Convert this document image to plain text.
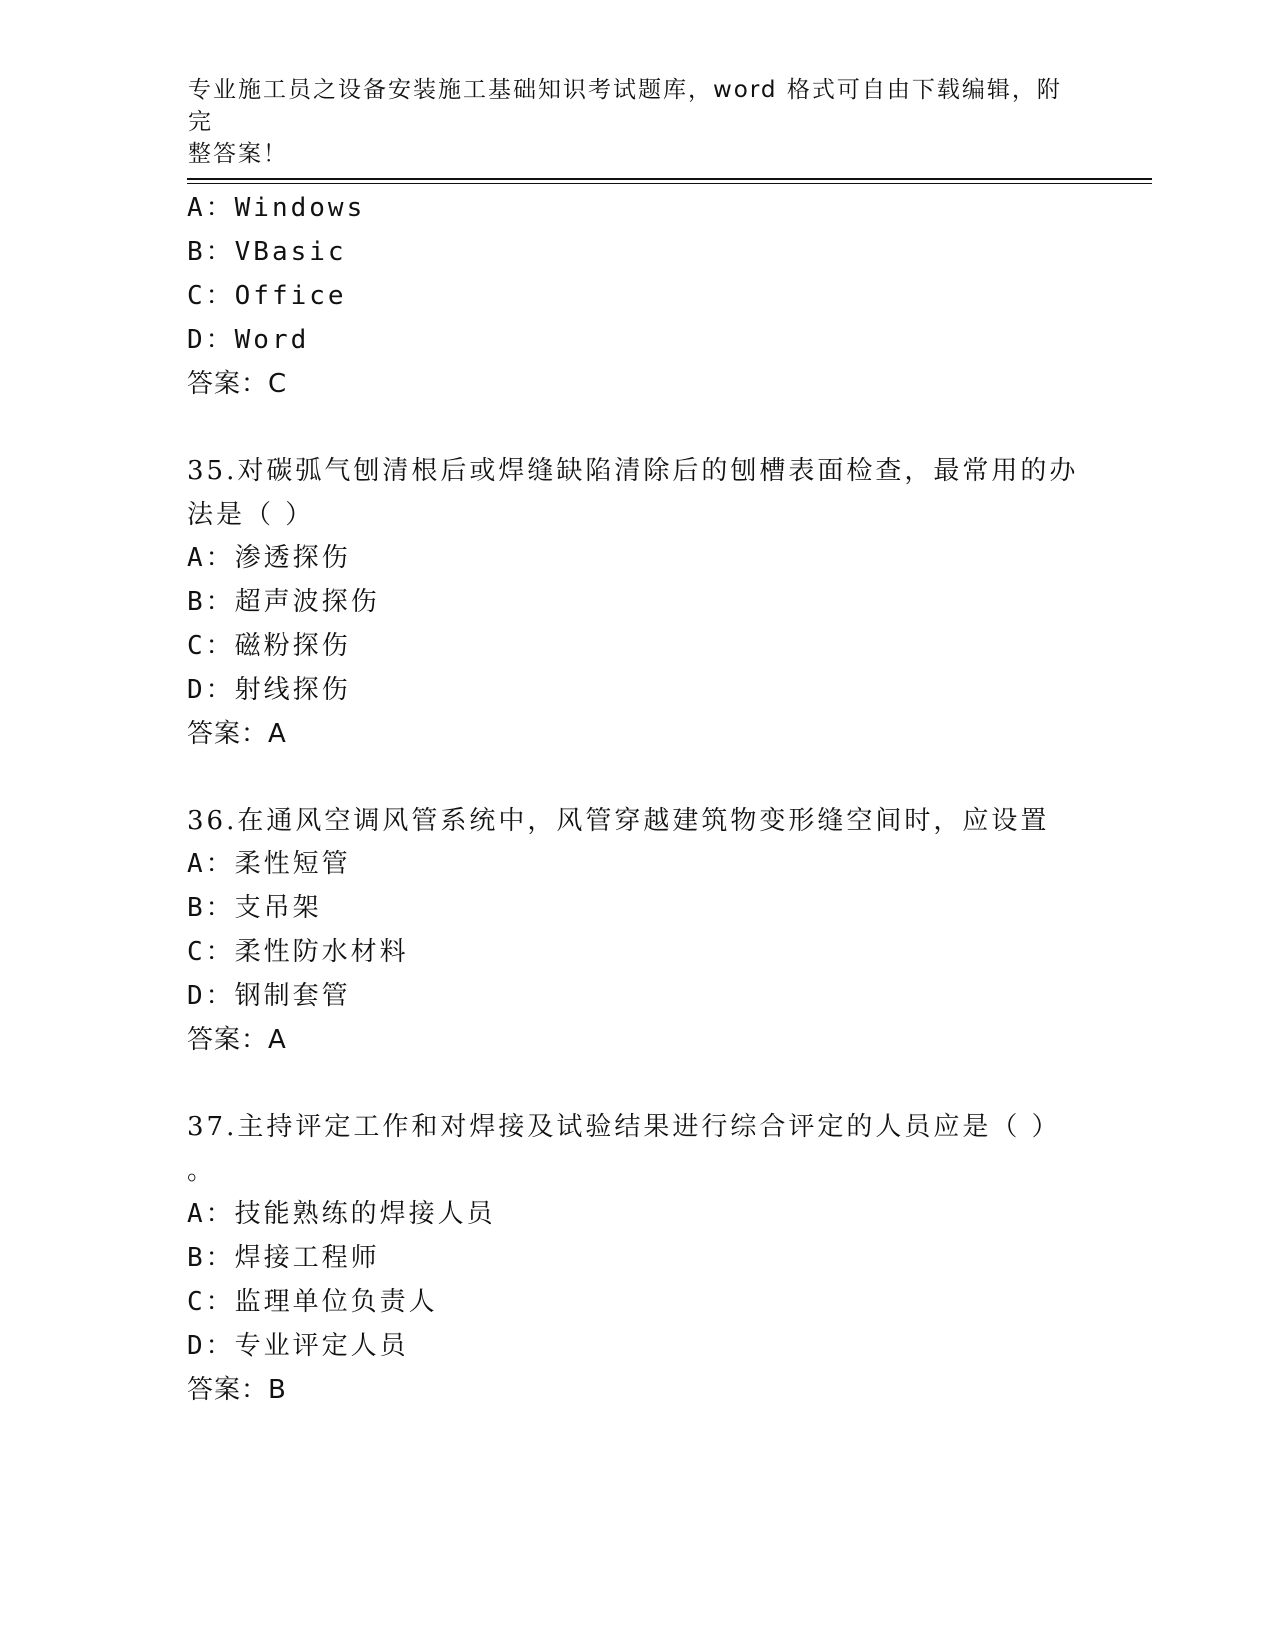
专业施工员之设备安装施工基础知识考试题库，word 格式可自由下载编辑，附完
整答案！
A：Windows
B：VBasic
C：Office
D：Word
答案：C
35.对碳弧气刨清根后或焊缝缺陷清除后的刨槽表面检查，最常用的办
法是（ ）
A：渗透探伤
B：超声波探伤
C：磁粉探伤
D：射线探伤
答案：A
36.在通风空调风管系统中，风管穿越建筑物变形缝空间时，应设置
A：柔性短管
B：支吊架
C：柔性防水材料
D：钢制套管
答案：A
37.主持评定工作和对焊接及试验结果进行综合评定的人员应是（ ）
。
A：技能熟练的焊接人员
B：焊接工程师
C：监理单位负责人
D：专业评定人员
答案：B
